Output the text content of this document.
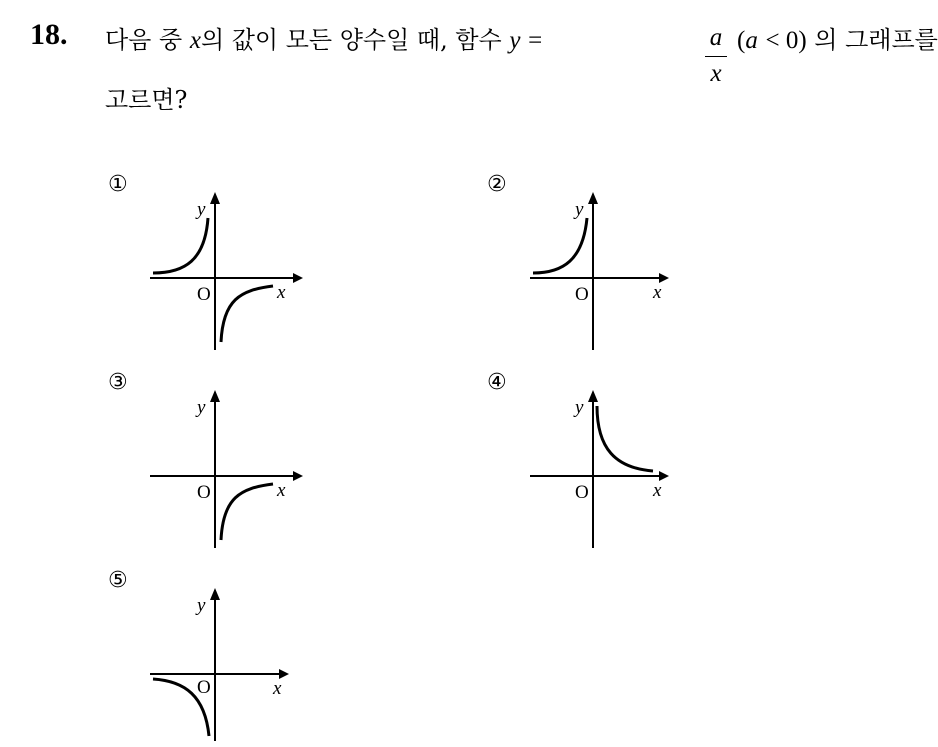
18. 다음 중 x의 값이 모든 양수일 때, 함수 y =	a
x
(a < 0) 의 그래프를
고르면?
①
y
O	x
②
y
O	x
③
y
O	x
④
y
O	x
⑤
y
O	x
